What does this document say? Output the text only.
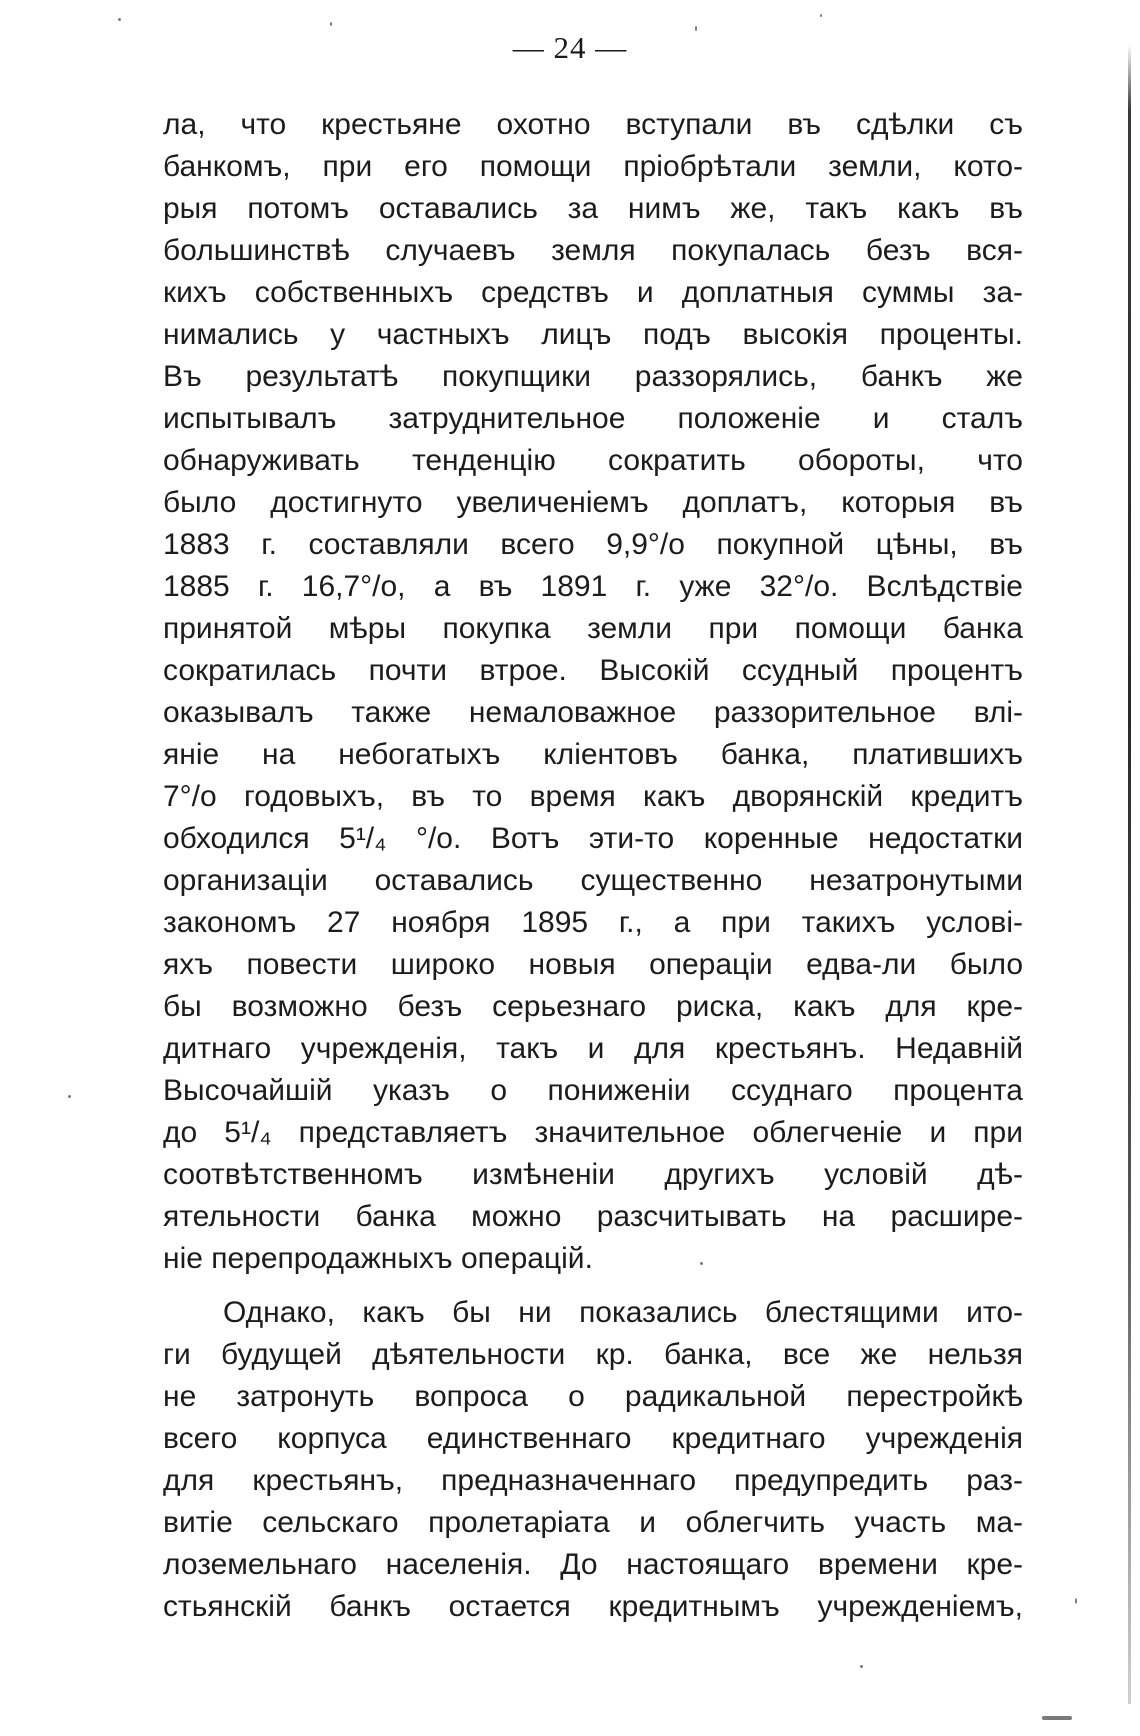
— 24 —
ла, что крестьяне охотно вступали въ сдѣлки съ
банкомъ, при его помощи пріобрѣтали земли, кото-
рыя потомъ оставались за нимъ же, такъ какъ въ
большинствѣ случаевъ земля покупалась безъ вся-
кихъ собственныхъ средствъ и доплатныя суммы за-
нимались у частныхъ лицъ подъ высокія проценты.
Въ результатѣ покупщики раззорялись, банкъ же
испытывалъ затруднительное положеніе и сталъ
обнаруживать тенденцію сократить обороты, что
было достигнуто увеличеніемъ доплатъ, которыя въ
1883 г. составляли всего 9,9°/о покупной цѣны, въ
1885 г. 16,7°/о, а въ 1891 г. уже 32°/о. Вслѣдствіе
принятой мѣры покупка земли при помощи банка
сократилась почти втрое. Высокій ссудный процентъ
оказывалъ также немаловажное раззорительное влі-
яніе на небогатыхъ кліентовъ банка, платившихъ
7°/о годовыхъ, въ то время какъ дворянскій кредитъ
обходился 5¹/₄ °/о. Вотъ эти-то коренные недостатки
организаціи оставались существенно незатронутыми
закономъ 27 ноября 1895 г., а при такихъ услові-
яхъ повести широко новыя операціи едва-ли было
бы возможно безъ серьезнаго риска, какъ для кре-
дитнаго учрежденія, такъ и для крестьянъ. Недавній
Высочайшій указъ о пониженіи ссуднаго процента
до 5¹/₄ представляетъ значительное облегченіе и при
соотвѣтственномъ измѣненіи другихъ условій дѣ-
ятельности банка можно разсчитывать на расшире-
ніе перепродажныхъ операцій.
Однако, какъ бы ни показались блестящими ито-
ги будущей дѣятельности кр. банка, все же нельзя
не затронуть вопроса о радикальной перестройкѣ
всего корпуса единственнаго кредитнаго учрежденія
для крестьянъ, предназначеннаго предупредить раз-
витіе сельскаго пролетаріата и облегчить участь ма-
лоземельнаго населенія. До настоящаго времени кре-
стьянскій банкъ остается кредитнымъ учрежденіемъ,
